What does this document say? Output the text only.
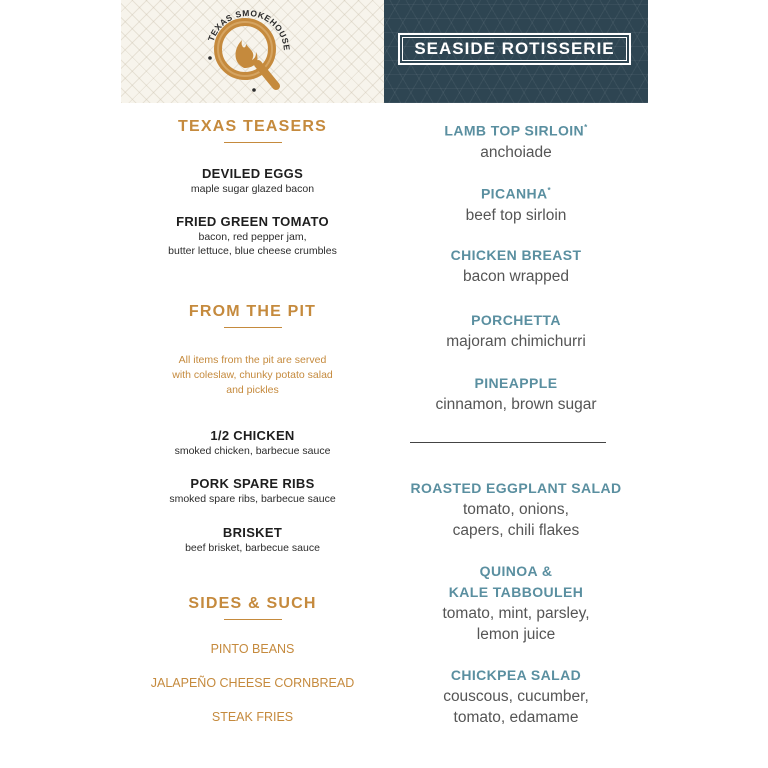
TEXAS SMOKEHOUSE	SEASIDE ROTISSERIE
TEXAS TEASERS
DEVILED EGGS
maple sugar glazed bacon
FRIED GREEN TOMATO
bacon, red pepper jam,
butter lettuce, blue cheese crumbles
FROM THE PIT
All items from the pit are served
with coleslaw, chunky potato salad
and pickles
1/2 CHICKEN
smoked chicken, barbecue sauce
PORK SPARE RIBS
smoked spare ribs, barbecue sauce
BRISKET
beef brisket, barbecue sauce
SIDES & SUCH
PINTO BEANS
JALAPEÑO CHEESE CORNBREAD
STEAK FRIES
LAMB TOP SIRLOIN*
anchoiade
PICANHA*
beef top sirloin
CHICKEN BREAST
bacon wrapped
PORCHETTA
majoram chimichurri
PINEAPPLE
cinnamon, brown sugar
ROASTED EGGPLANT SALAD
tomato, onions,
capers, chili flakes
QUINOA &
KALE TABBOULEH
tomato, mint, parsley,
lemon juice
CHICKPEA SALAD
couscous, cucumber,
tomato, edamame
